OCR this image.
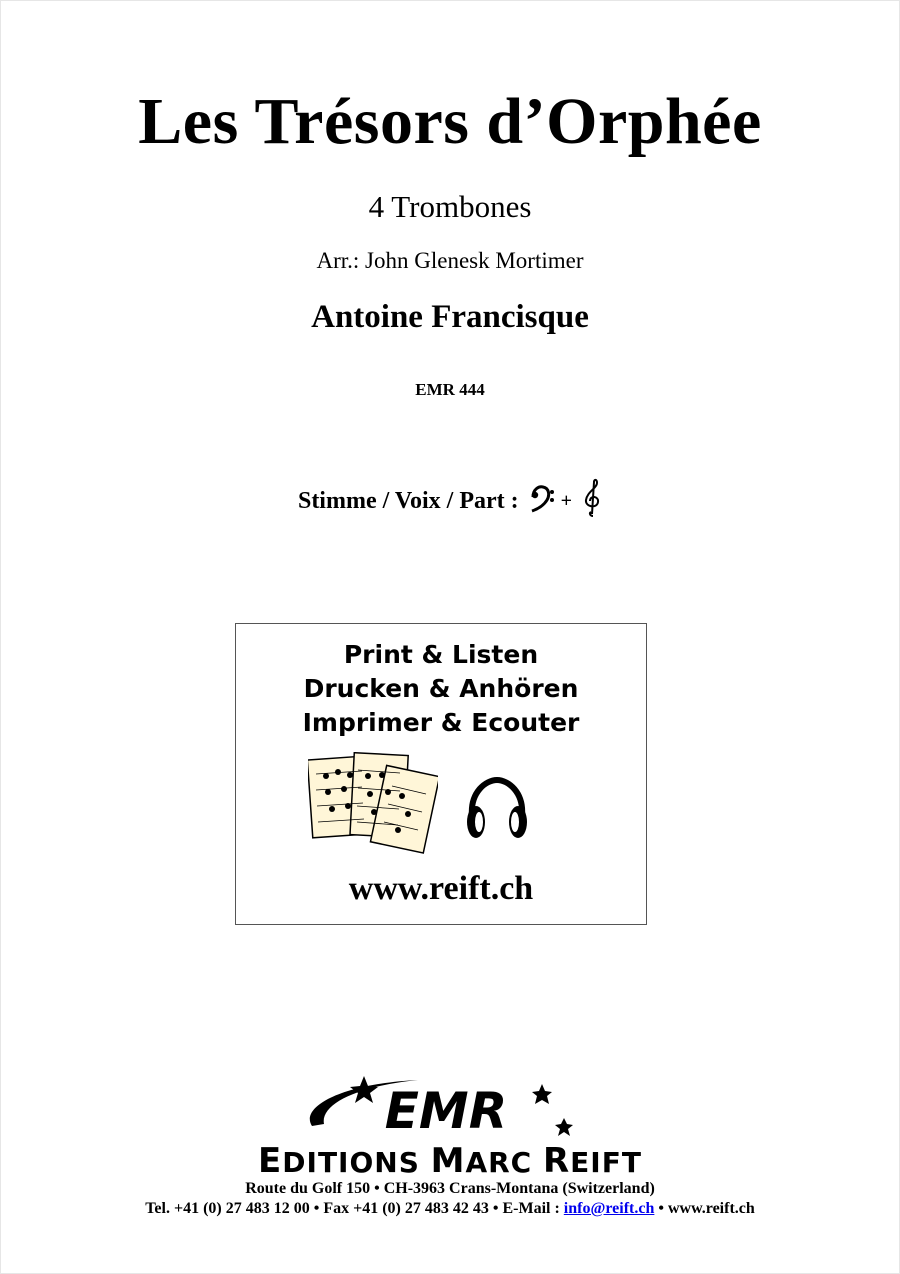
Les Trésors d’Orphée
4 Trombones
Arr.: John Glenesk Mortimer
Antoine Francisque
EMR 444
Stimme / Voix / Part : +
Print & Listen
Drucken & Anhören
Imprimer & Ecouter
www.reift.ch
EMR
EDITIONS MARC REIFT
Route du Golf 150 • CH-3963 Crans-Montana (Switzerland)
Tel. +41 (0) 27 483 12 00 • Fax +41 (0) 27 483 42 43 • E-Mail : info@reift.ch • www.reift.ch
